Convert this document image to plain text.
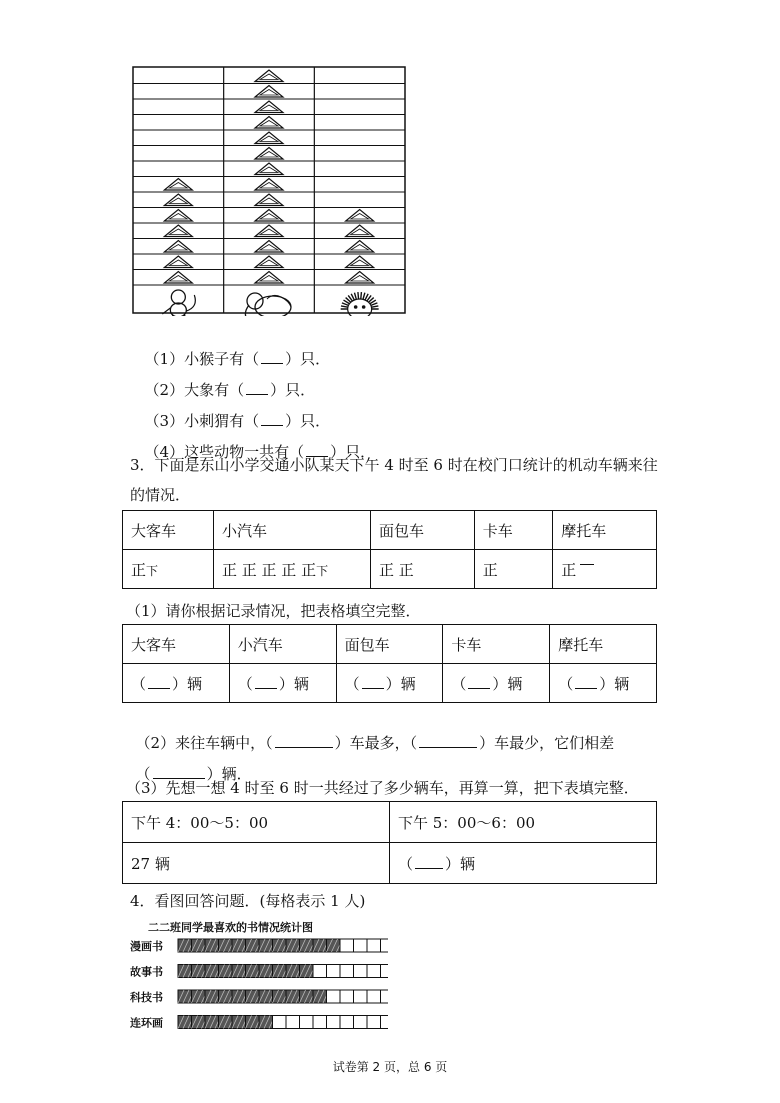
（1）小猴子有（ ）只．

（2）大象有（ ）只．

（3）小刺猬有（ ）只．

（4）这些动物一共有（ ）只．

3．下面是东山小学交通小队某天下午 4 时至 6 时在校门口统计的机动车辆来往的情况．
大客车	小汽车	面包车	卡车	摩托车
正下	正 正 正 正 正下	正 正	正	正
（1）请你根据记录情况，把表格填空完整．
大客车	小汽车	面包车	卡车	摩托车
（ ）辆	（ ）辆	（ ）辆	（ ）辆	（ ）辆

（2）来往车辆中，（	）车最多，（	）车最少，它们相差

（	）辆．

（3）先想一想 4 时至 6 时一共经过了多少辆车，再算一算，把下表填完整．
下午 4：00～5：00	下午 5：00～6：00
27 辆	（ ）辆
4．看图回答问题．(每格表示 1 人)
二二班同学最喜欢的书情况统计图
漫画书
故事书
科技书
连环画
试卷第 2 页，总 6 页
